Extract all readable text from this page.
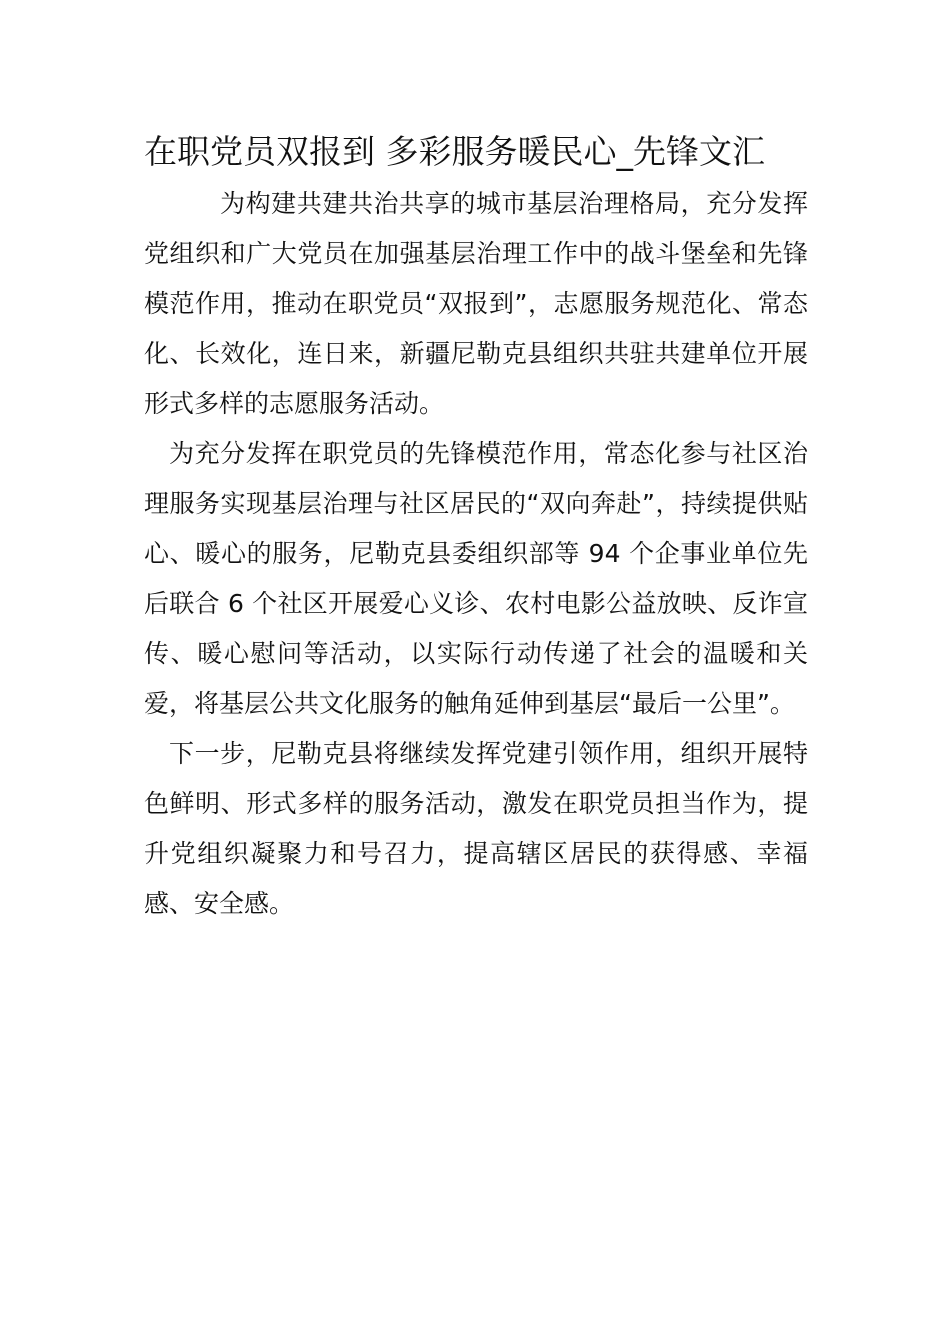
在职党员双报到 多彩服务暖民心_先锋文汇

为构建共建共治共享的城市基层治理格局，充分发挥党组织和广大党员在加强基层治理工作中的战斗堡垒和先锋模范作用，推动在职党员“双报到”，志愿服务规范化、常态化、长效化，连日来，新疆尼勒克县组织共驻共建单位开展形式多样的志愿服务活动。

为充分发挥在职党员的先锋模范作用，常态化参与社区治理服务实现基层治理与社区居民的“双向奔赴”，持续提供贴心、暖心的服务，尼勒克县委组织部等 94 个企事业单位先后联合 6 个社区开展爱心义诊、农村电影公益放映、反诈宣传、暖心慰问等活动，以实际行动传递了社会的温暖和关爱，将基层公共文化服务的触角延伸到基层“最后一公里”。

下一步，尼勒克县将继续发挥党建引领作用，组织开展特色鲜明、形式多样的服务活动，激发在职党员担当作为，提升党组织凝聚力和号召力，提高辖区居民的获得感、幸福感、安全感。
